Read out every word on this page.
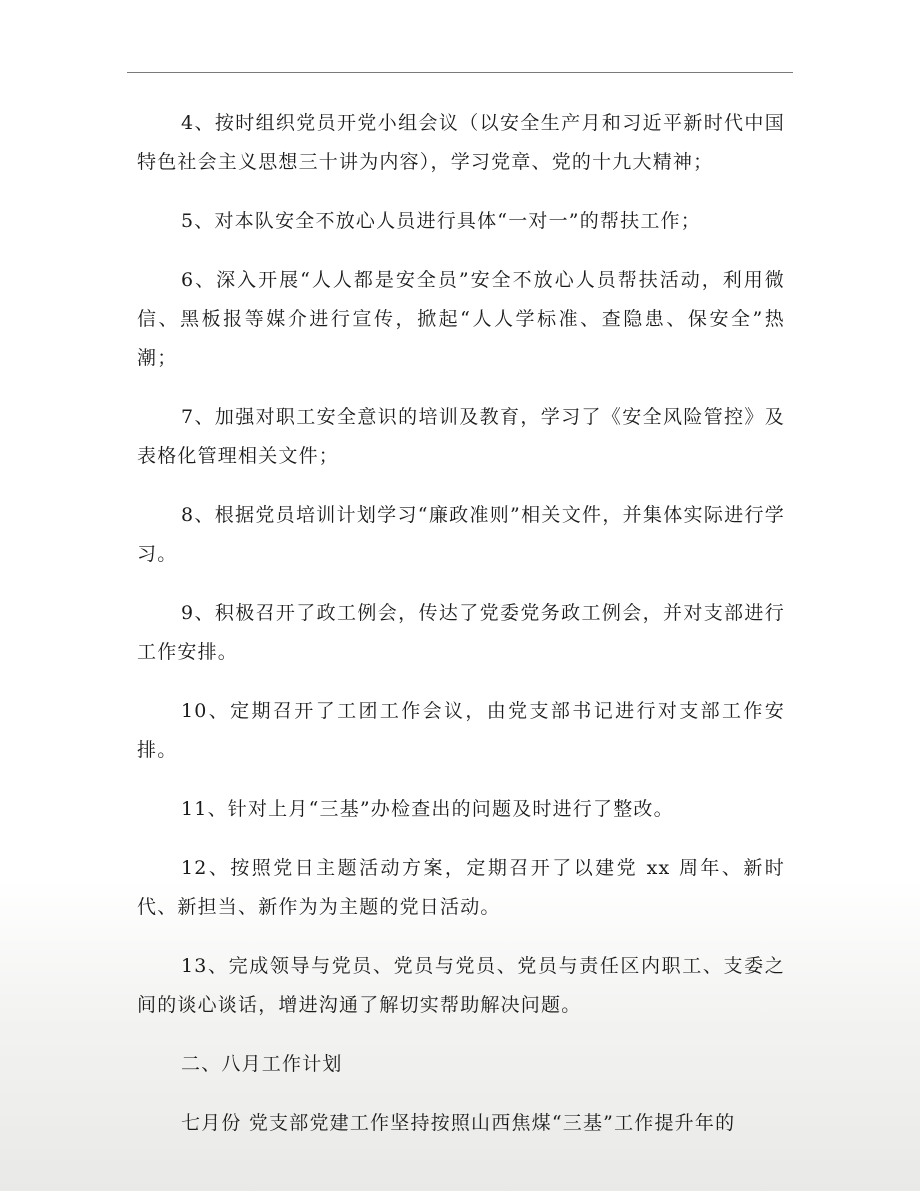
4、按时组织党员开党小组会议（以安全生产月和习近平新时代中国特色社会主义思想三十讲为内容），学习党章、党的十九大精神；

5、对本队安全不放心人员进行具体“一对一”的帮扶工作；

6、深入开展“人人都是安全员”安全不放心人员帮扶活动，利用微信、黑板报等媒介进行宣传，掀起“人人学标准、查隐患、保安全”热潮；

7、加强对职工安全意识的培训及教育，学习了《安全风险管控》及表格化管理相关文件；

8、根据党员培训计划学习“廉政准则”相关文件，并集体实际进行学习。

9、积极召开了政工例会，传达了党委党务政工例会，并对支部进行工作安排。

10、定期召开了工团工作会议，由党支部书记进行对支部工作安排。

11、针对上月“三基”办检查出的问题及时进行了整改。

12、按照党日主题活动方案，定期召开了以建党 xx 周年、新时代、新担当、新作为为主题的党日活动。

13、完成领导与党员、党员与党员、党员与责任区内职工、支委之间的谈心谈话，增进沟通了解切实帮助解决问题。

二、八月工作计划

七月份 党支部党建工作坚持按照山西焦煤“三基”工作提升年的
